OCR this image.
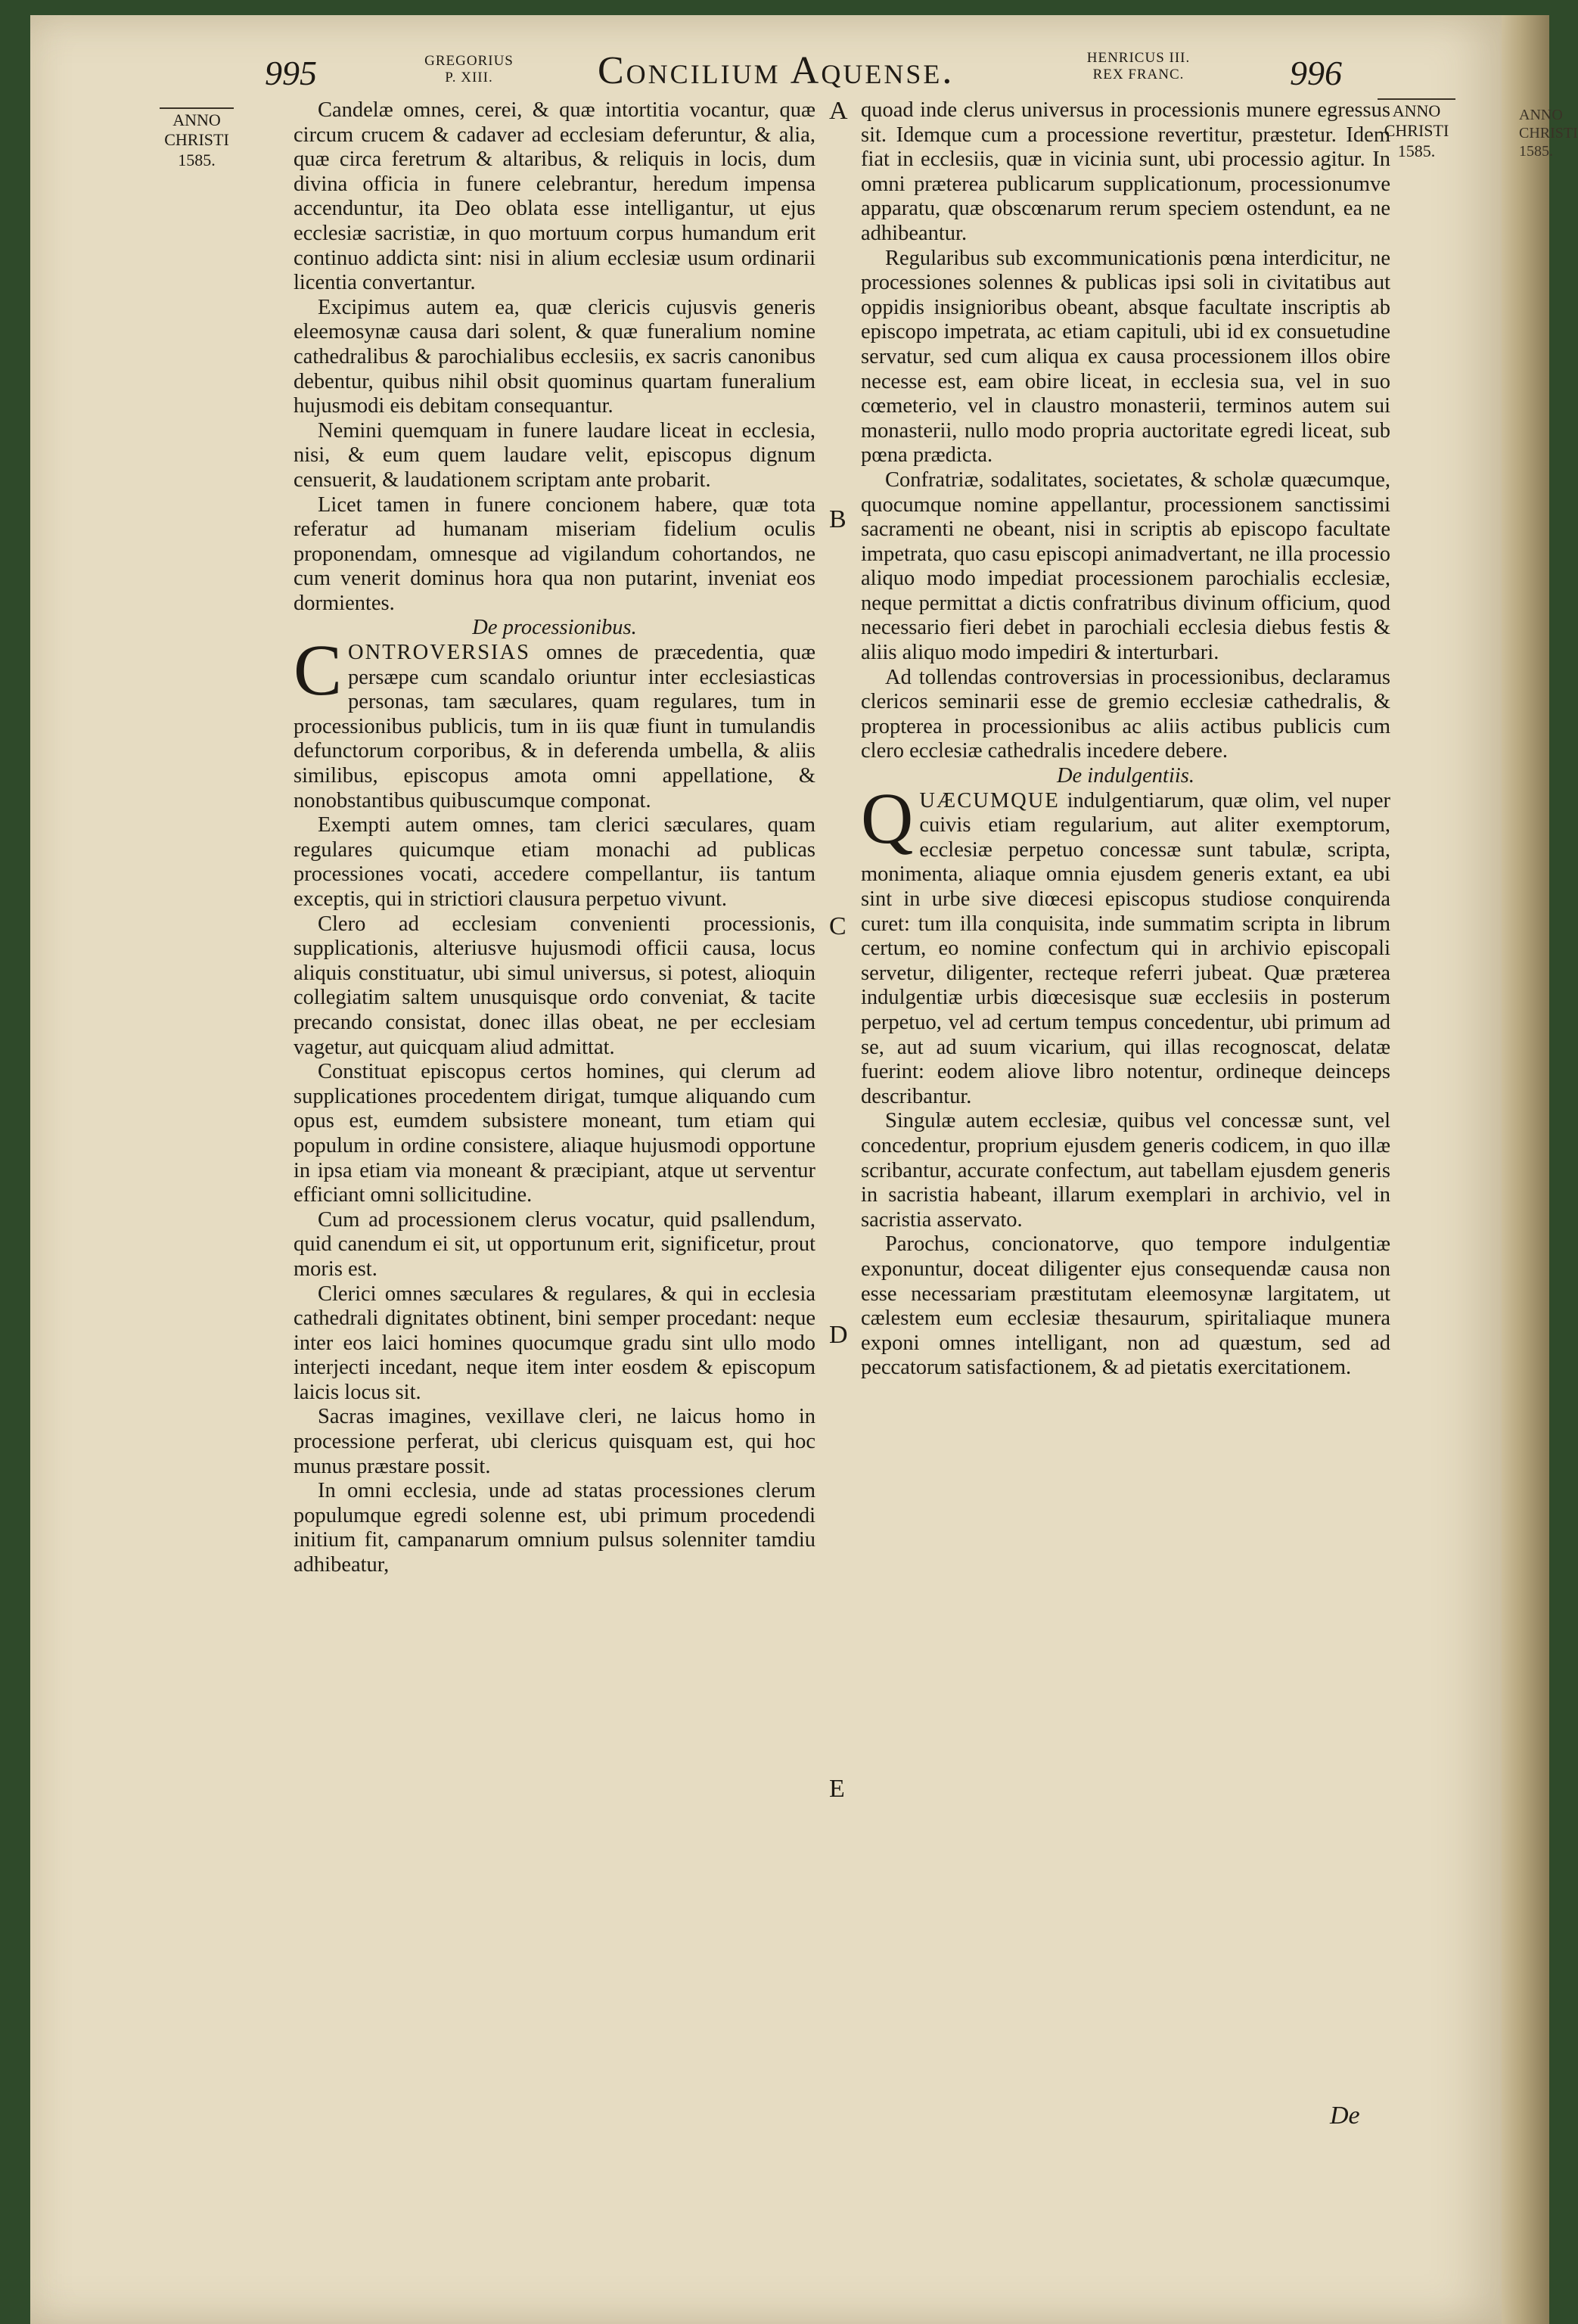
ANNO CHRISTI 1585.
995	GREGORIUS
P. XIII.	Concilium Aquense.	HENRICUS III.
REX FRANC.	996
ANNO
CHRISTI
1585.
ANNO
CHRISTI
1585.
A
B
C
D
E

Candelæ omnes, cerei, & quæ intortitia vocantur, quæ circum crucem & cadaver ad ecclesiam deferuntur, & alia, quæ circa feretrum & altaribus, & reliquis in locis, dum divina officia in funere celebrantur, heredum impensa accenduntur, ita Deo oblata esse intelligantur, ut ejus ecclesiæ sacristiæ, in quo mortuum corpus humandum erit continuo addicta sint: nisi in alium ecclesiæ usum ordinarii licentia convertantur.

Excipimus autem ea, quæ clericis cujusvis generis eleemosynæ causa dari solent, & quæ funeralium nomine cathedralibus & parochialibus ecclesiis, ex sacris canonibus debentur, quibus nihil obsit quominus quartam funeralium hujusmodi eis debitam consequantur.

Nemini quemquam in funere laudare liceat in ecclesia, nisi, & eum quem laudare velit, episcopus dignum censuerit, & laudationem scriptam ante probarit.

Licet tamen in funere concionem habere, quæ tota referatur ad humanam miseriam fidelium oculis proponendam, omnesque ad vigilandum cohortandos, ne cum venerit dominus hora qua non putarint, inveniat eos dormientes.

De processionibus.

CONTROVERSIAS omnes de præcedentia, quæ persæpe cum scandalo oriuntur inter ecclesiasticas personas, tam sæculares, quam regulares, tum in processionibus publicis, tum in iis quæ fiunt in tumulandis defunctorum corporibus, & in deferenda umbella, & aliis similibus, episcopus amota omni appellatione, & nonobstantibus quibuscumque componat.

Exempti autem omnes, tam clerici sæculares, quam regulares quicumque etiam monachi ad publicas processiones vocati, accedere compellantur, iis tantum exceptis, qui in strictiori clausura perpetuo vivunt.

Clero ad ecclesiam convenienti processionis, supplicationis, alteriusve hujusmodi officii causa, locus aliquis constituatur, ubi simul universus, si potest, alioquin collegiatim saltem unusquisque ordo conveniat, & tacite precando consistat, donec illas obeat, ne per ecclesiam vagetur, aut quicquam aliud admittat.

Constituat episcopus certos homines, qui clerum ad supplicationes procedentem dirigat, tumque aliquando cum opus est, eumdem subsistere moneant, tum etiam qui populum in ordine consistere, aliaque hujusmodi opportune in ipsa etiam via moneant & præcipiant, atque ut serventur efficiant omni sollicitudine.

Cum ad processionem clerus vocatur, quid psallendum, quid canendum ei sit, ut opportunum erit, significetur, prout moris est.

Clerici omnes sæculares & regulares, & qui in ecclesia cathedrali dignitates obtinent, bini semper procedant: neque inter eos laici homines quocumque gradu sint ullo modo interjecti incedant, neque item inter eosdem & episcopum laicis locus sit.

Sacras imagines, vexillave cleri, ne laicus homo in processione perferat, ubi clericus quisquam est, qui hoc munus præstare possit.

In omni ecclesia, unde ad statas processiones clerum populumque egredi solenne est, ubi primum procedendi initium fit, campanarum omnium pulsus solenniter tamdiu adhibeatur,

quoad inde clerus universus in processionis munere egressus sit. Idemque cum a processione revertitur, præstetur. Idem fiat in ecclesiis, quæ in vicinia sunt, ubi processio agitur. In omni præterea publicarum supplicationum, processionumve apparatu, quæ obscœnarum rerum speciem ostendunt, ea ne adhibeantur.

Regularibus sub excommunicationis pœna interdicitur, ne processiones solennes & publicas ipsi soli in civitatibus aut oppidis insignioribus obeant, absque facultate inscriptis ab episcopo impetrata, ac etiam capituli, ubi id ex consuetudine servatur, sed cum aliqua ex causa processionem illos obire necesse est, eam obire liceat, in ecclesia sua, vel in suo cœmeterio, vel in claustro monasterii, terminos autem sui monasterii, nullo modo propria auctoritate egredi liceat, sub pœna prædicta.

Confratriæ, sodalitates, societates, & scholæ quæcumque, quocumque nomine appellantur, processionem sanctissimi sacramenti ne obeant, nisi in scriptis ab episcopo facultate impetrata, quo casu episcopi animadvertant, ne illa processio aliquo modo impediat processionem parochialis ecclesiæ, neque permittat a dictis confratribus divinum officium, quod necessario fieri debet in parochiali ecclesia diebus festis & aliis aliquo modo impediri & interturbari.

Ad tollendas controversias in processionibus, declaramus clericos seminarii esse de gremio ecclesiæ cathedralis, & propterea in processionibus ac aliis actibus publicis cum clero ecclesiæ cathedralis incedere debere.

De indulgentiis.

QUÆCUMQUE indulgentiarum, quæ olim, vel nuper cuivis etiam regularium, aut aliter exemptorum, ecclesiæ perpetuo concessæ sunt tabulæ, scripta, monimenta, aliaque omnia ejusdem generis extant, ea ubi sint in urbe sive diœcesi episcopus studiose conquirenda curet: tum illa conquisita, inde summatim scripta in librum certum, eo nomine confectum qui in archivio episcopali servetur, diligenter, recteque referri jubeat. Quæ præterea indulgentiæ urbis diœcesisque suæ ecclesiis in posterum perpetuo, vel ad certum tempus concedentur, ubi primum ad se, aut ad suum vicarium, qui illas recognoscat, delatæ fuerint: eodem aliove libro notentur, ordineque deinceps describantur.

Singulæ autem ecclesiæ, quibus vel concessæ sunt, vel concedentur, proprium ejusdem generis codicem, in quo illæ scribantur, accurate confectum, aut tabellam ejusdem generis in sacristia habeant, illarum exemplari in archivio, vel in sacristia asservato.

Parochus, concionatorve, quo tempore indulgentiæ exponuntur, doceat diligenter ejus consequendæ causa non esse necessariam præstitutam eleemosynæ largitatem, ut cælestem eum ecclesiæ thesaurum, spiritaliaque munera exponi omnes intelligant, non ad quæstum, sed ad peccatorum satisfactionem, & ad pietatis exercitationem.

De
